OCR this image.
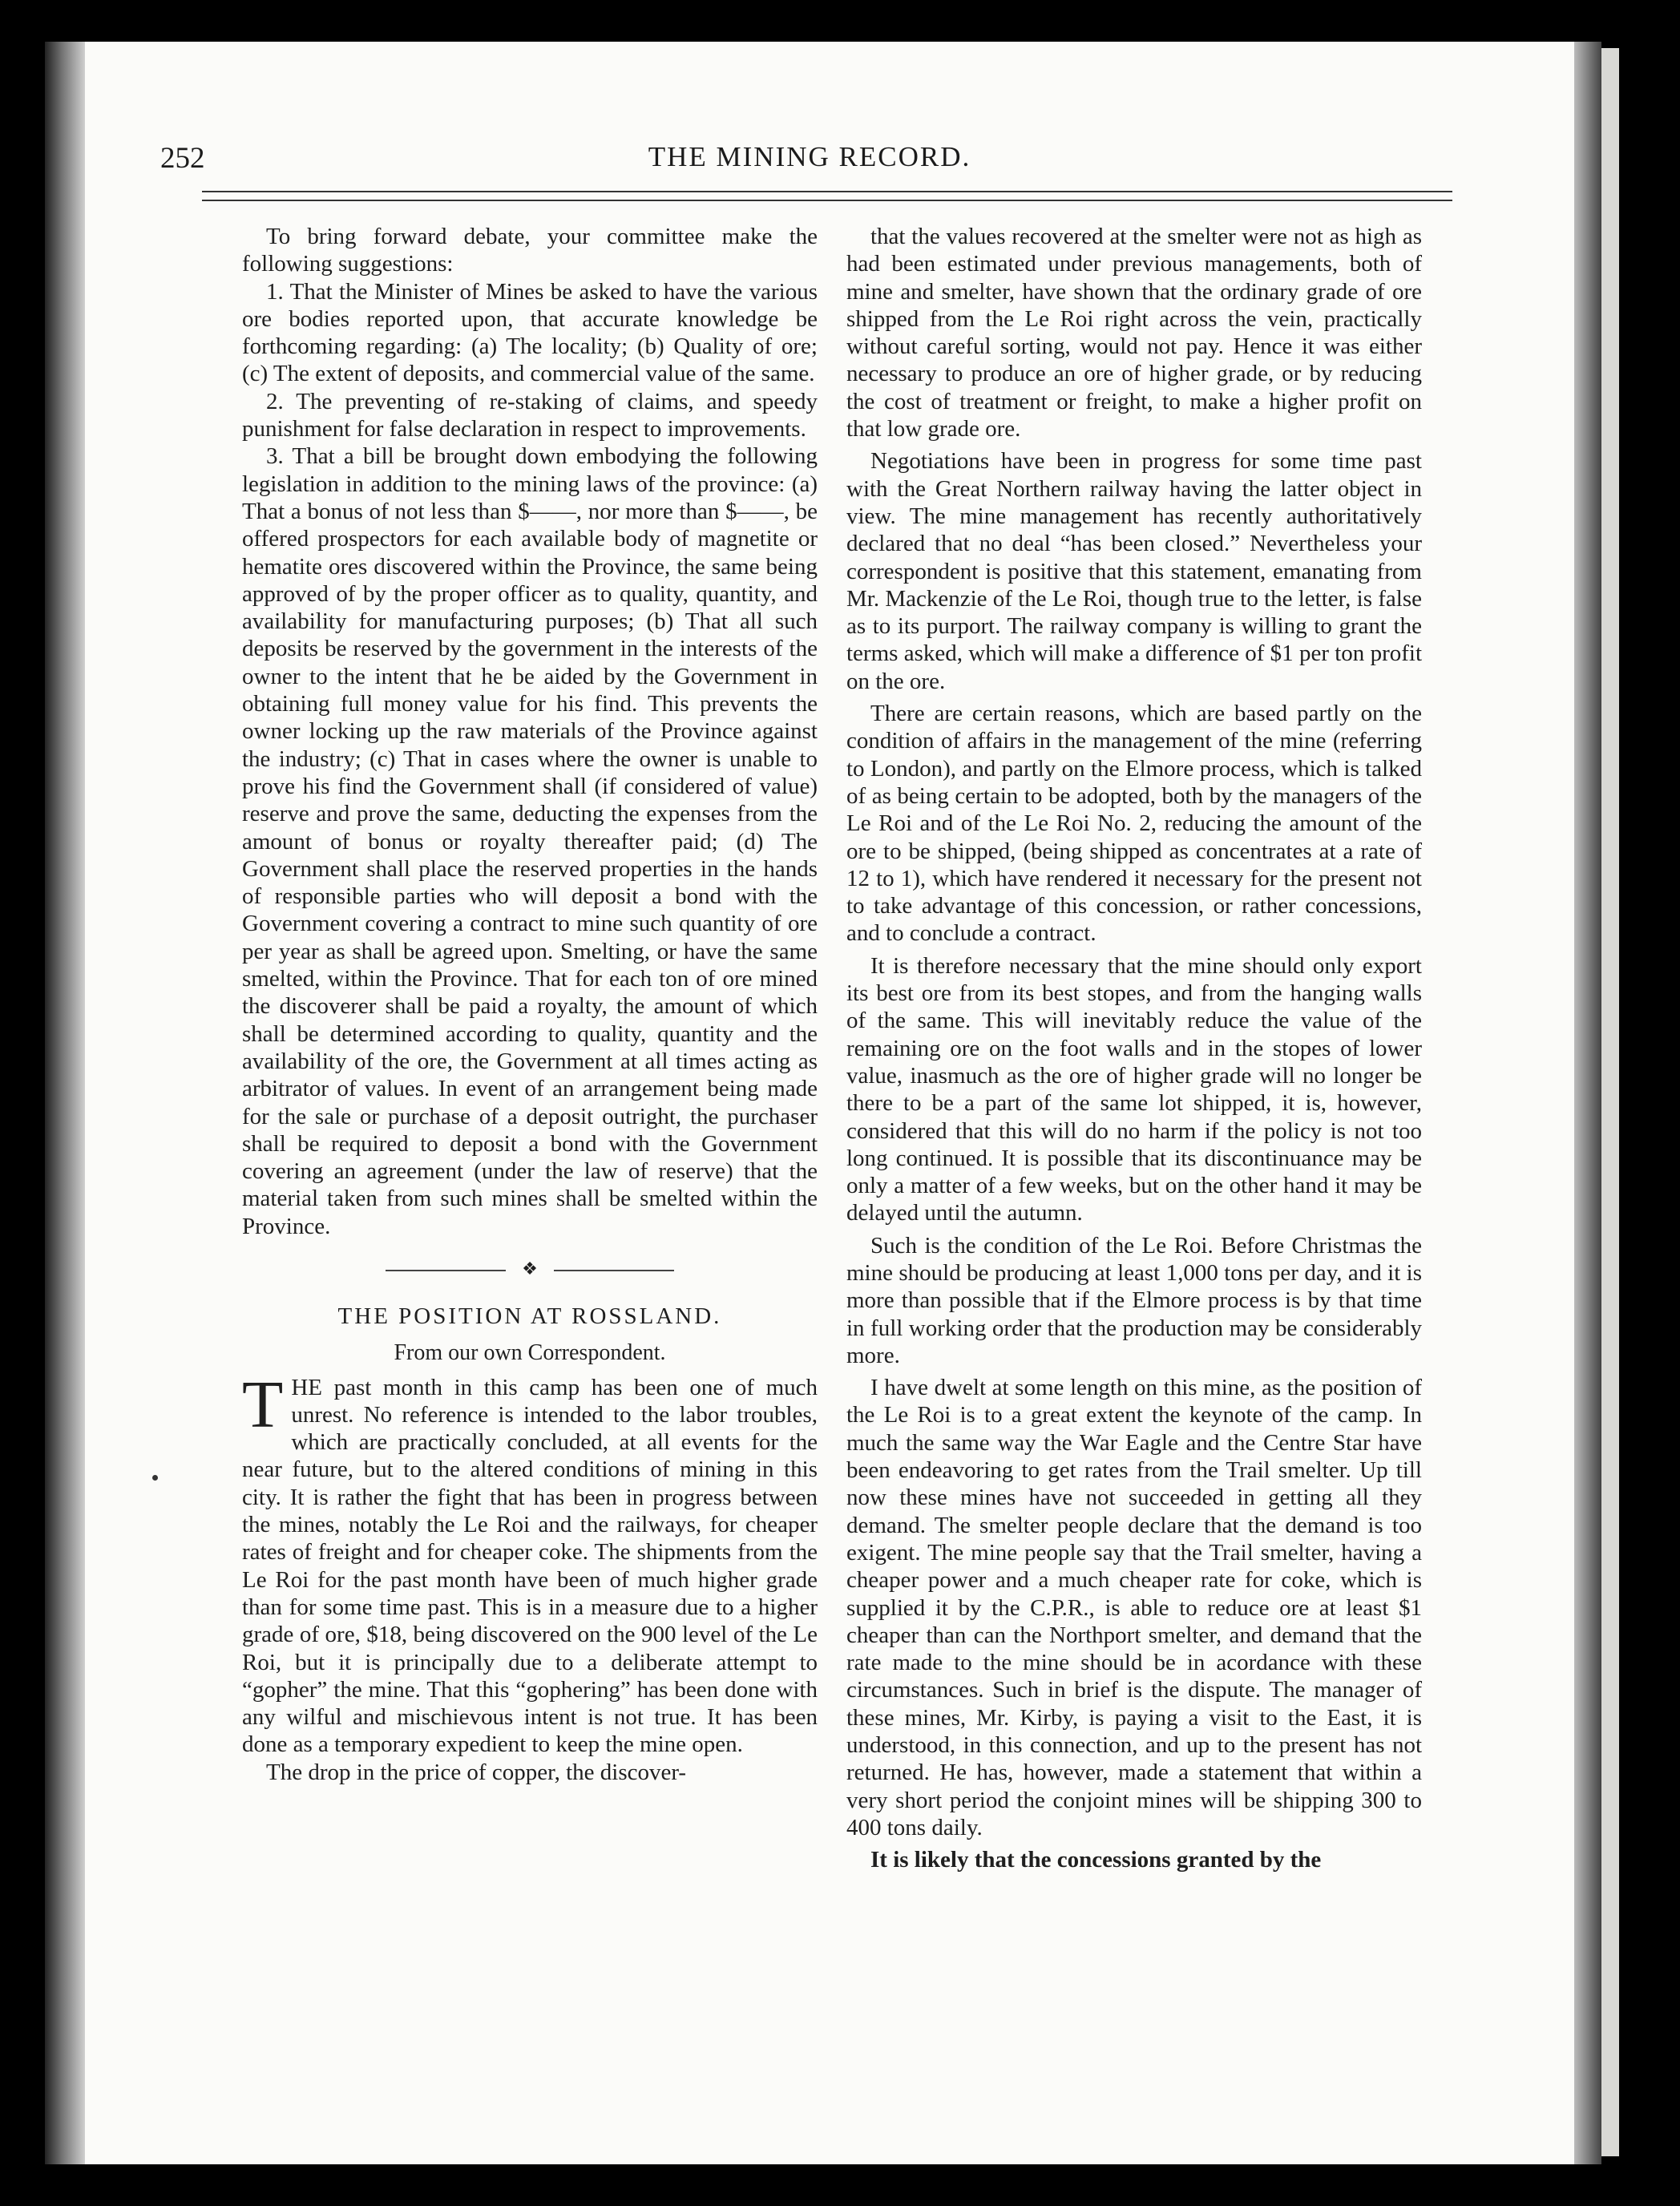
252	THE MINING RECORD.

To bring forward debate, your committee make the following suggestions:

1. That the Minister of Mines be asked to have the various ore bodies reported upon, that accurate knowledge be forthcoming regarding: (a) The locality; (b) Quality of ore; (c) The extent of deposits, and commercial value of the same.

2. The preventing of re-staking of claims, and speedy punishment for false declaration in respect to improvements.

3. That a bill be brought down embodying the following legislation in addition to the mining laws of the province: (a) That a bonus of not less than $——, nor more than $——, be offered prospectors for each available body of magnetite or hematite ores discovered within the Province, the same being approved of by the proper officer as to quality, quantity, and availability for manufacturing purposes; (b) That all such deposits be reserved by the government in the interests of the owner to the intent that he be aided by the Government in obtaining full money value for his find. This prevents the owner locking up the raw materials of the Province against the industry; (c) That in cases where the owner is unable to prove his find the Government shall (if considered of value) reserve and prove the same, deducting the expenses from the amount of bonus or royalty thereafter paid; (d) The Government shall place the reserved properties in the hands of responsible parties who will deposit a bond with the Government covering a contract to mine such quantity of ore per year as shall be agreed upon. Smelting, or have the same smelted, within the Province. That for each ton of ore mined the discoverer shall be paid a royalty, the amount of which shall be determined according to quality, quantity and the availability of the ore, the Government at all times acting as arbitrator of values. In event of an arrangement being made for the sale or purchase of a deposit outright, the purchaser shall be required to deposit a bond with the Government covering an agreement (under the law of reserve) that the material taken from such mines shall be smelted within the Province.

❖
THE POSITION AT ROSSLAND.
From our own Correspondent.

THE past month in this camp has been one of much unrest. No reference is intended to the labor troubles, which are practically concluded, at all events for the near future, but to the altered conditions of mining in this city. It is rather the fight that has been in progress between the mines, notably the Le Roi and the railways, for cheaper rates of freight and for cheaper coke. The shipments from the Le Roi for the past month have been of much higher grade than for some time past. This is in a measure due to a higher grade of ore, $18, being discovered on the 900 level of the Le Roi, but it is principally due to a deliberate attempt to “gopher” the mine. That this “gophering” has been done with any wilful and mischievous intent is not true. It has been done as a temporary expedient to keep the mine open.

The drop in the price of copper, the discover-

that the values recovered at the smelter were not as high as had been estimated under previous managements, both of mine and smelter, have shown that the ordinary grade of ore shipped from the Le Roi right across the vein, practically without careful sorting, would not pay. Hence it was either necessary to produce an ore of higher grade, or by reducing the cost of treatment or freight, to make a higher profit on that low grade ore.

Negotiations have been in progress for some time past with the Great Northern railway having the latter object in view. The mine management has recently authoritatively declared that no deal “has been closed.” Nevertheless your correspondent is positive that this statement, emanating from Mr. Mackenzie of the Le Roi, though true to the letter, is false as to its purport. The railway company is willing to grant the terms asked, which will make a difference of $1 per ton profit on the ore.

There are certain reasons, which are based partly on the condition of affairs in the management of the mine (referring to London), and partly on the Elmore process, which is talked of as being certain to be adopted, both by the managers of the Le Roi and of the Le Roi No. 2, reducing the amount of the ore to be shipped, (being shipped as concentrates at a rate of 12 to 1), which have rendered it necessary for the present not to take advantage of this concession, or rather concessions, and to conclude a contract.

It is therefore necessary that the mine should only export its best ore from its best stopes, and from the hanging walls of the same. This will inevitably reduce the value of the remaining ore on the foot walls and in the stopes of lower value, inasmuch as the ore of higher grade will no longer be there to be a part of the same lot shipped, it is, however, considered that this will do no harm if the policy is not too long continued. It is possible that its discontinuance may be only a matter of a few weeks, but on the other hand it may be delayed until the autumn.

Such is the condition of the Le Roi. Before Christmas the mine should be producing at least 1,000 tons per day, and it is more than possible that if the Elmore process is by that time in full working order that the production may be considerably more.

I have dwelt at some length on this mine, as the position of the Le Roi is to a great extent the keynote of the camp. In much the same way the War Eagle and the Centre Star have been endeavoring to get rates from the Trail smelter. Up till now these mines have not succeeded in getting all they demand. The smelter people declare that the demand is too exigent. The mine people say that the Trail smelter, having a cheaper power and a much cheaper rate for coke, which is supplied it by the C.P.R., is able to reduce ore at least $1 cheaper than can the Northport smelter, and demand that the rate made to the mine should be in acordance with these circumstances. Such in brief is the dispute. The manager of these mines, Mr. Kirby, is paying a visit to the East, it is understood, in this connection, and up to the present has not returned. He has, however, made a statement that within a very short period the conjoint mines will be shipping 300 to 400 tons daily.

It is likely that the concessions granted by the
